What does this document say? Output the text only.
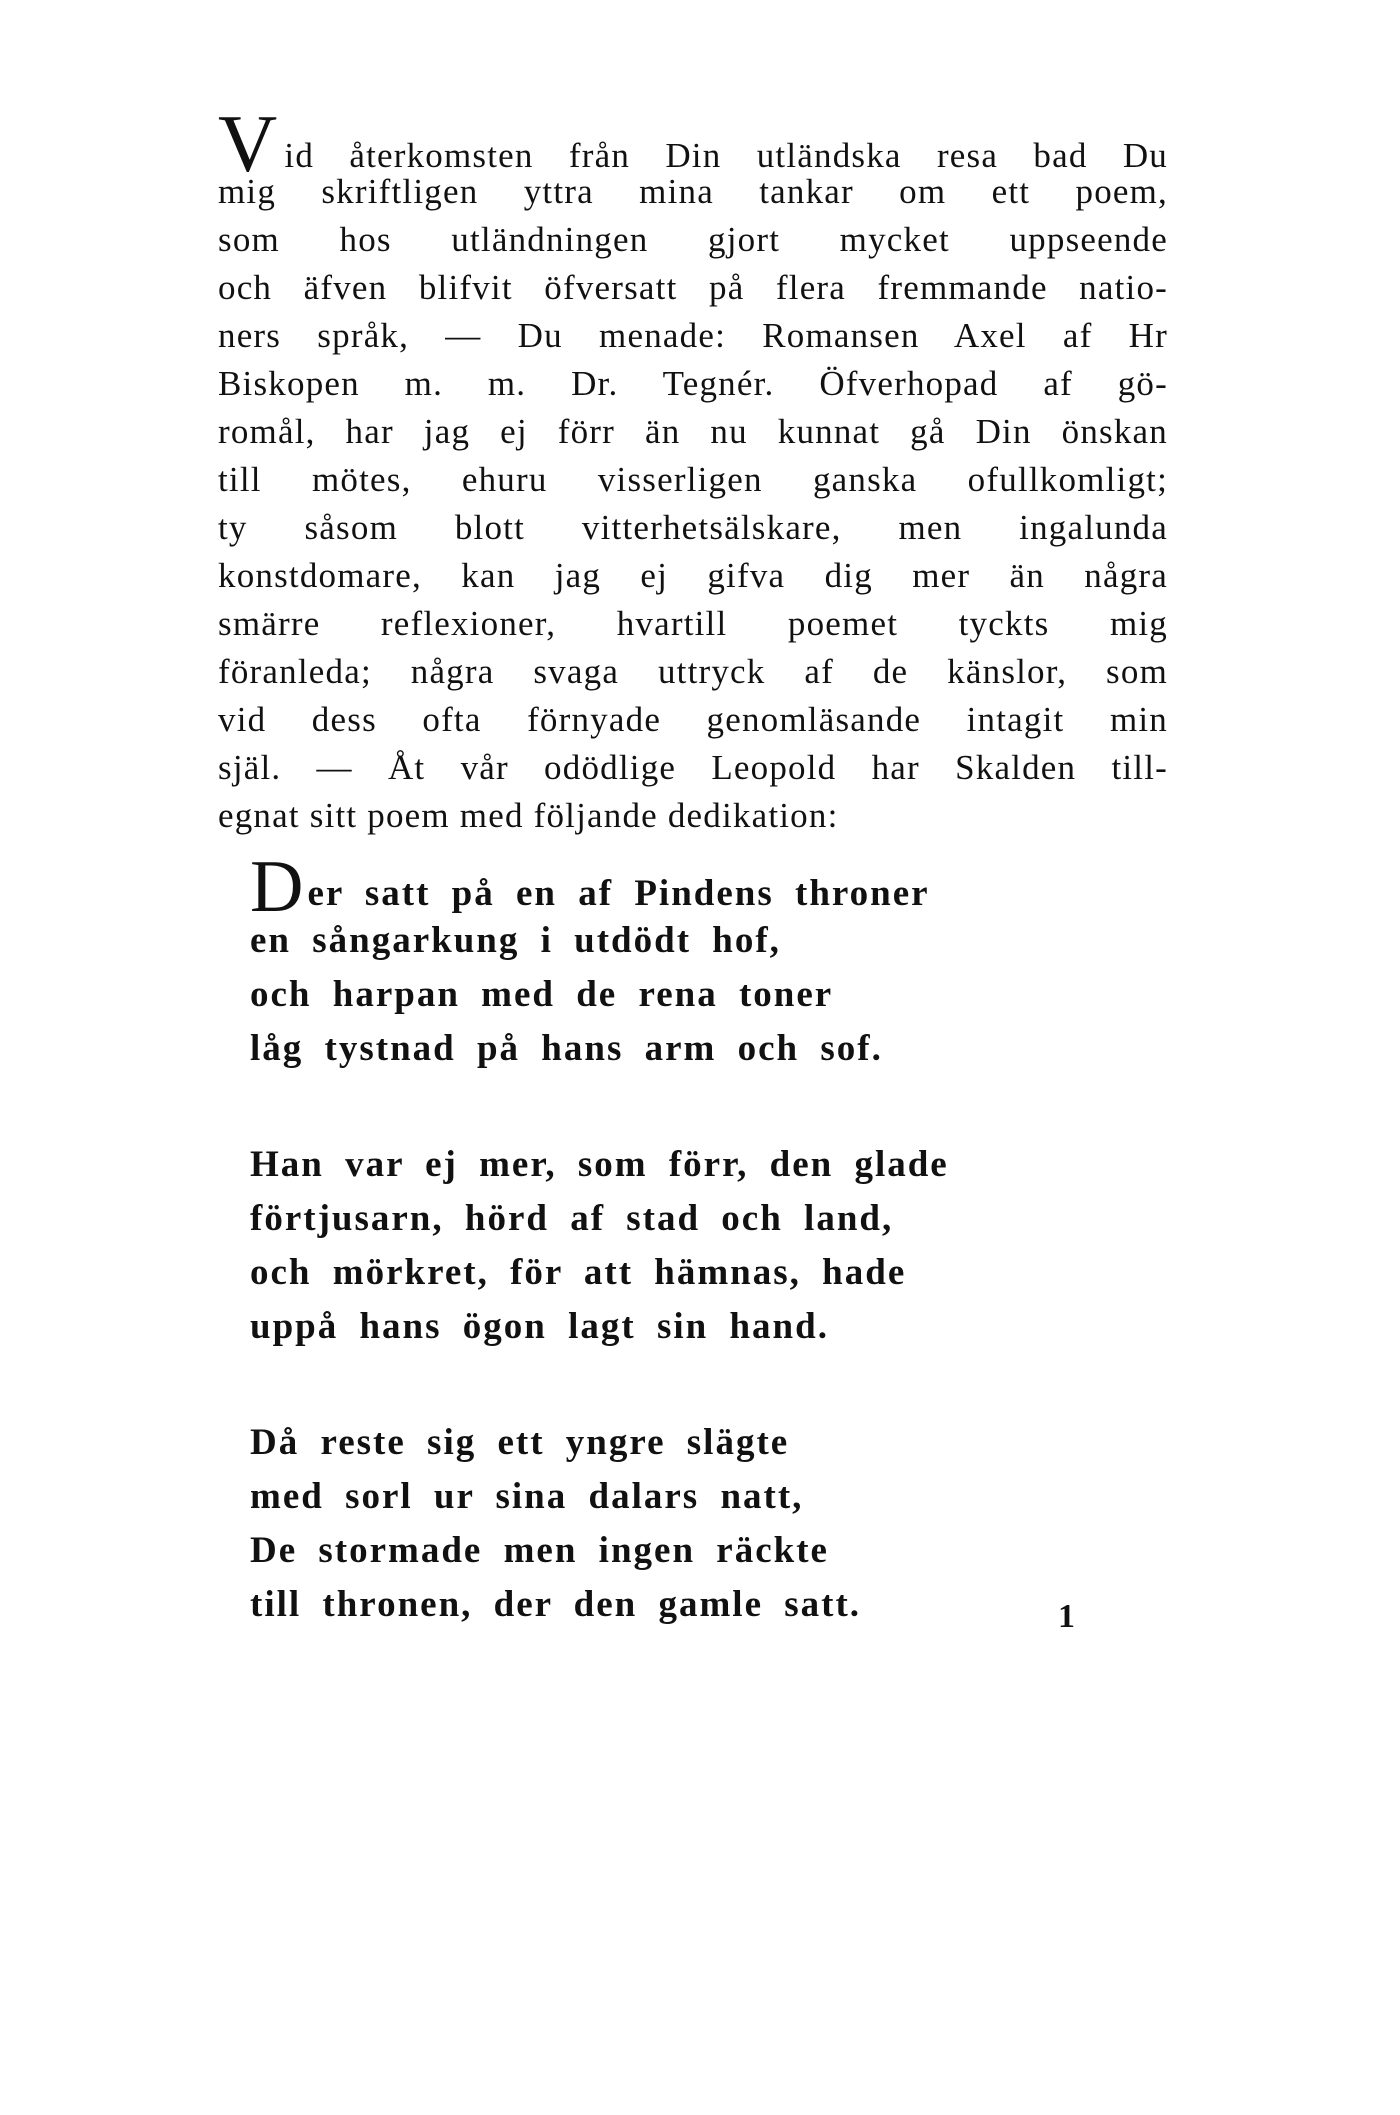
Vid återkomsten från Din utländska resa bad Du
mig skriftligen yttra mina tankar om ett poem,
som hos utländningen gjort mycket uppseende
och äfven blifvit öfversatt på flera fremmande natio-
ners språk, — Du menade: Romansen Axel af Hr
Biskopen m. m. Dr. Tegnér. Öfverhopad af gö-
romål, har jag ej förr än nu kunnat gå Din önskan
till mötes, ehuru visserligen ganska ofullkomligt;
ty såsom blott vitterhetsälskare, men ingalunda
konstdomare, kan jag ej gifva dig mer än några
smärre reflexioner, hvartill poemet tyckts mig
föranleda; några svaga uttryck af de känslor, som
vid dess ofta förnyade genomläsande intagit min
själ. — Åt vår odödlige Leopold har Skalden till-
egnat sitt poem med följande dedikation:
Der satt på en af Pindens throner
en sångarkung i utdödt hof,
och harpan med de rena toner
låg tystnad på hans arm och sof.
Han var ej mer, som förr, den glade
förtjusarn, hörd af stad och land,
och mörkret, för att hämnas, hade
uppå hans ögon lagt sin hand.
Då reste sig ett yngre slägte
med sorl ur sina dalars natt,
De stormade men ingen räckte
till thronen, der den gamle satt.	1
